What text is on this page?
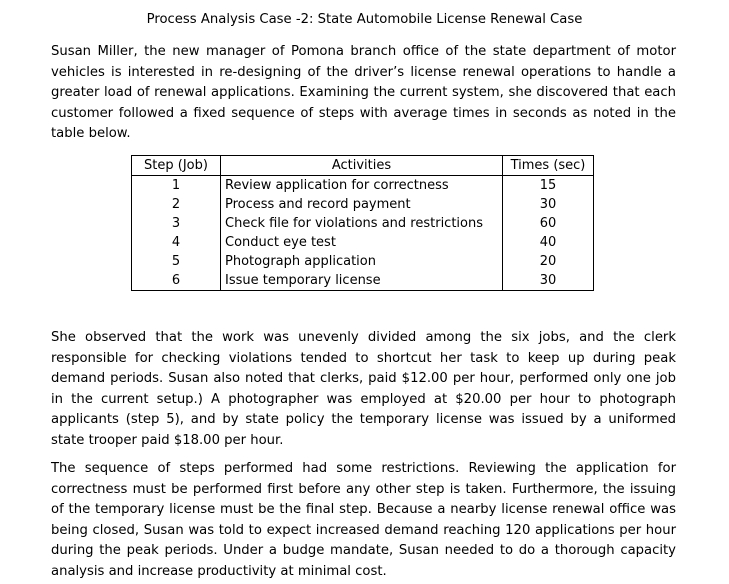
Process Analysis Case -2: State Automobile License Renewal Case

Susan Miller, the new manager of Pomona branch office of the state department of motor vehicles is interested in re-designing of the driver’s license renewal operations to handle a greater load of renewal applications. Examining the current system, she discovered that each customer followed a fixed sequence of steps with average times in seconds as noted in the table below.

Step (Job)	Activities	Times (sec)
1	Review application for correctness	15
2	Process and record payment	30
3	Check file for violations and restrictions	60
4	Conduct eye test	40
5	Photograph application	20
6	Issue temporary license	30

She observed that the work was unevenly divided among the six jobs, and the clerk responsible for checking violations tended to shortcut her task to keep up during peak demand periods. Susan also noted that clerks, paid $12.00 per hour, performed only one job in the current setup.) A photographer was employed at $20.00 per hour to photograph applicants (step 5), and by state policy the temporary license was issued by a uniformed state trooper paid $18.00 per hour.

The sequence of steps performed had some restrictions. Reviewing the application for correctness must be performed first before any other step is taken. Furthermore, the issuing of the temporary license must be the final step. Because a nearby license renewal office was being closed, Susan was told to expect increased demand reaching 120 applications per hour during the peak periods. Under a budge mandate, Susan needed to do a thorough capacity analysis and increase productivity at minimal cost.
